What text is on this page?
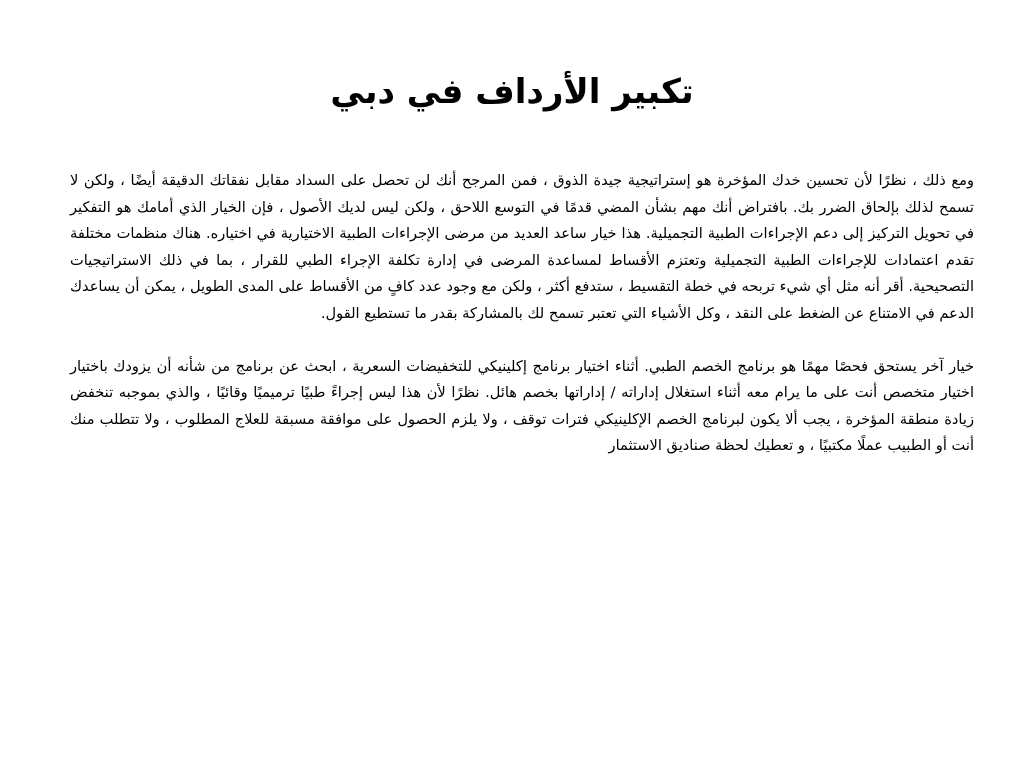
تكبير الأرداف في دبي

ومع ذلك ، نظرًا لأن تحسين خدك المؤخرة هو إستراتيجية جيدة الذوق ، فمن المرجح أنك لن تحصل على السداد مقابل نفقاتك الدقيقة أيضًا ، ولكن لا تسمح لذلك بإلحاق الضرر بك. بافتراض أنك مهم بشأن المضي قدمًا في التوسع اللاحق ، ولكن ليس لديك الأصول ، فإن الخيار الذي أمامك هو التفكير في تحويل التركيز إلى دعم الإجراءات الطبية التجميلية. هذا خيار ساعد العديد من مرضى الإجراءات الطبية الاختيارية في اختياره. هناك منظمات مختلفة تقدم اعتمادات للإجراءات الطبية التجميلية وتعتزم الأقساط لمساعدة المرضى في إدارة تكلفة الإجراء الطبي للقرار ، بما في ذلك الاستراتيجيات التصحيحية. أقر أنه مثل أي شيء تربحه في خطة التقسيط ، ستدفع أكثر ، ولكن مع وجود عدد كافٍ من الأقساط على المدى الطويل ، يمكن أن يساعدك الدعم في الامتناع عن الضغط على النقد ، وكل الأشياء التي تعتبر تسمح لك بالمشاركة بقدر ما تستطيع القول.

خيار آخر يستحق فحصًا مهمًا هو برنامج الخصم الطبي. أثناء اختيار برنامج إكلينيكي للتخفيضات السعرية ، ابحث عن برنامج من شأنه أن يزودك باختيار اختيار متخصص أنت على ما يرام معه أثناء استغلال إداراته / إداراتها بخصم هائل. نظرًا لأن هذا ليس إجراءً طبيًا ترميميًا وقائيًا ، والذي بموجبه تنخفض زيادة منطقة المؤخرة ، يجب ألا يكون لبرنامج الخصم الإكلينيكي فترات توقف ، ولا يلزم الحصول على موافقة مسبقة للعلاج المطلوب ، ولا تتطلب منك أنت أو الطبيب عملًا مكتبيًا ، و تعطيك لحظة صناديق الاستثمار
